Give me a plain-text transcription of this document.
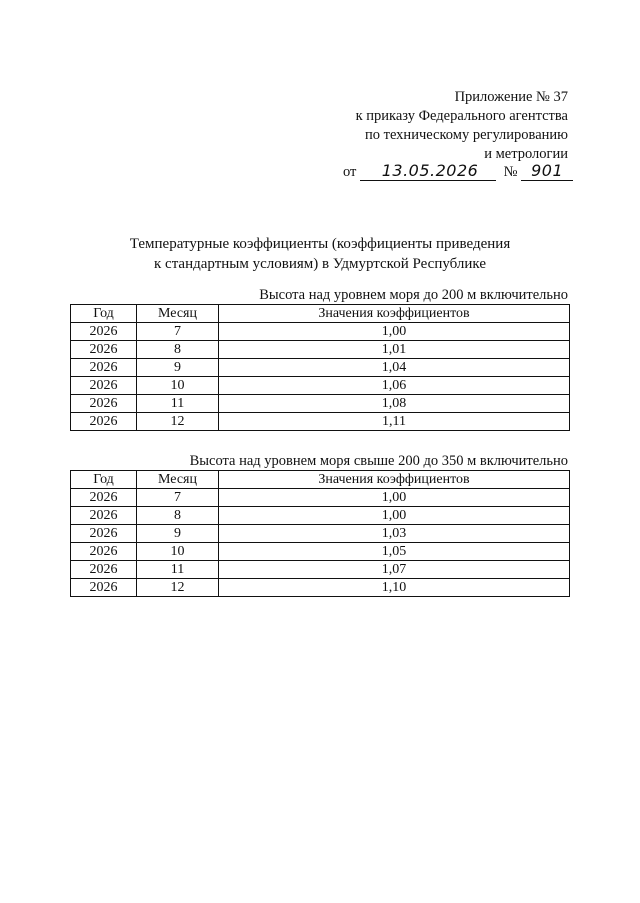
Приложение № 37
к приказу Федерального агентства
по техническому регулированию
и метрологии
от 13.05.2026 № 901
Температурные коэффициенты (коэффициенты приведения
к стандартным условиям) в Удмуртской Республике
Высота над уровнем моря до 200 м включительно
Год	Месяц	Значения коэффициентов
2026	7	1,00
2026	8	1,01
2026	9	1,04
2026	10	1,06
2026	11	1,08
2026	12	1,11
Высота над уровнем моря свыше 200 до 350 м включительно
Год	Месяц	Значения коэффициентов
2026	7	1,00
2026	8	1,00
2026	9	1,03
2026	10	1,05
2026	11	1,07
2026	12	1,10
